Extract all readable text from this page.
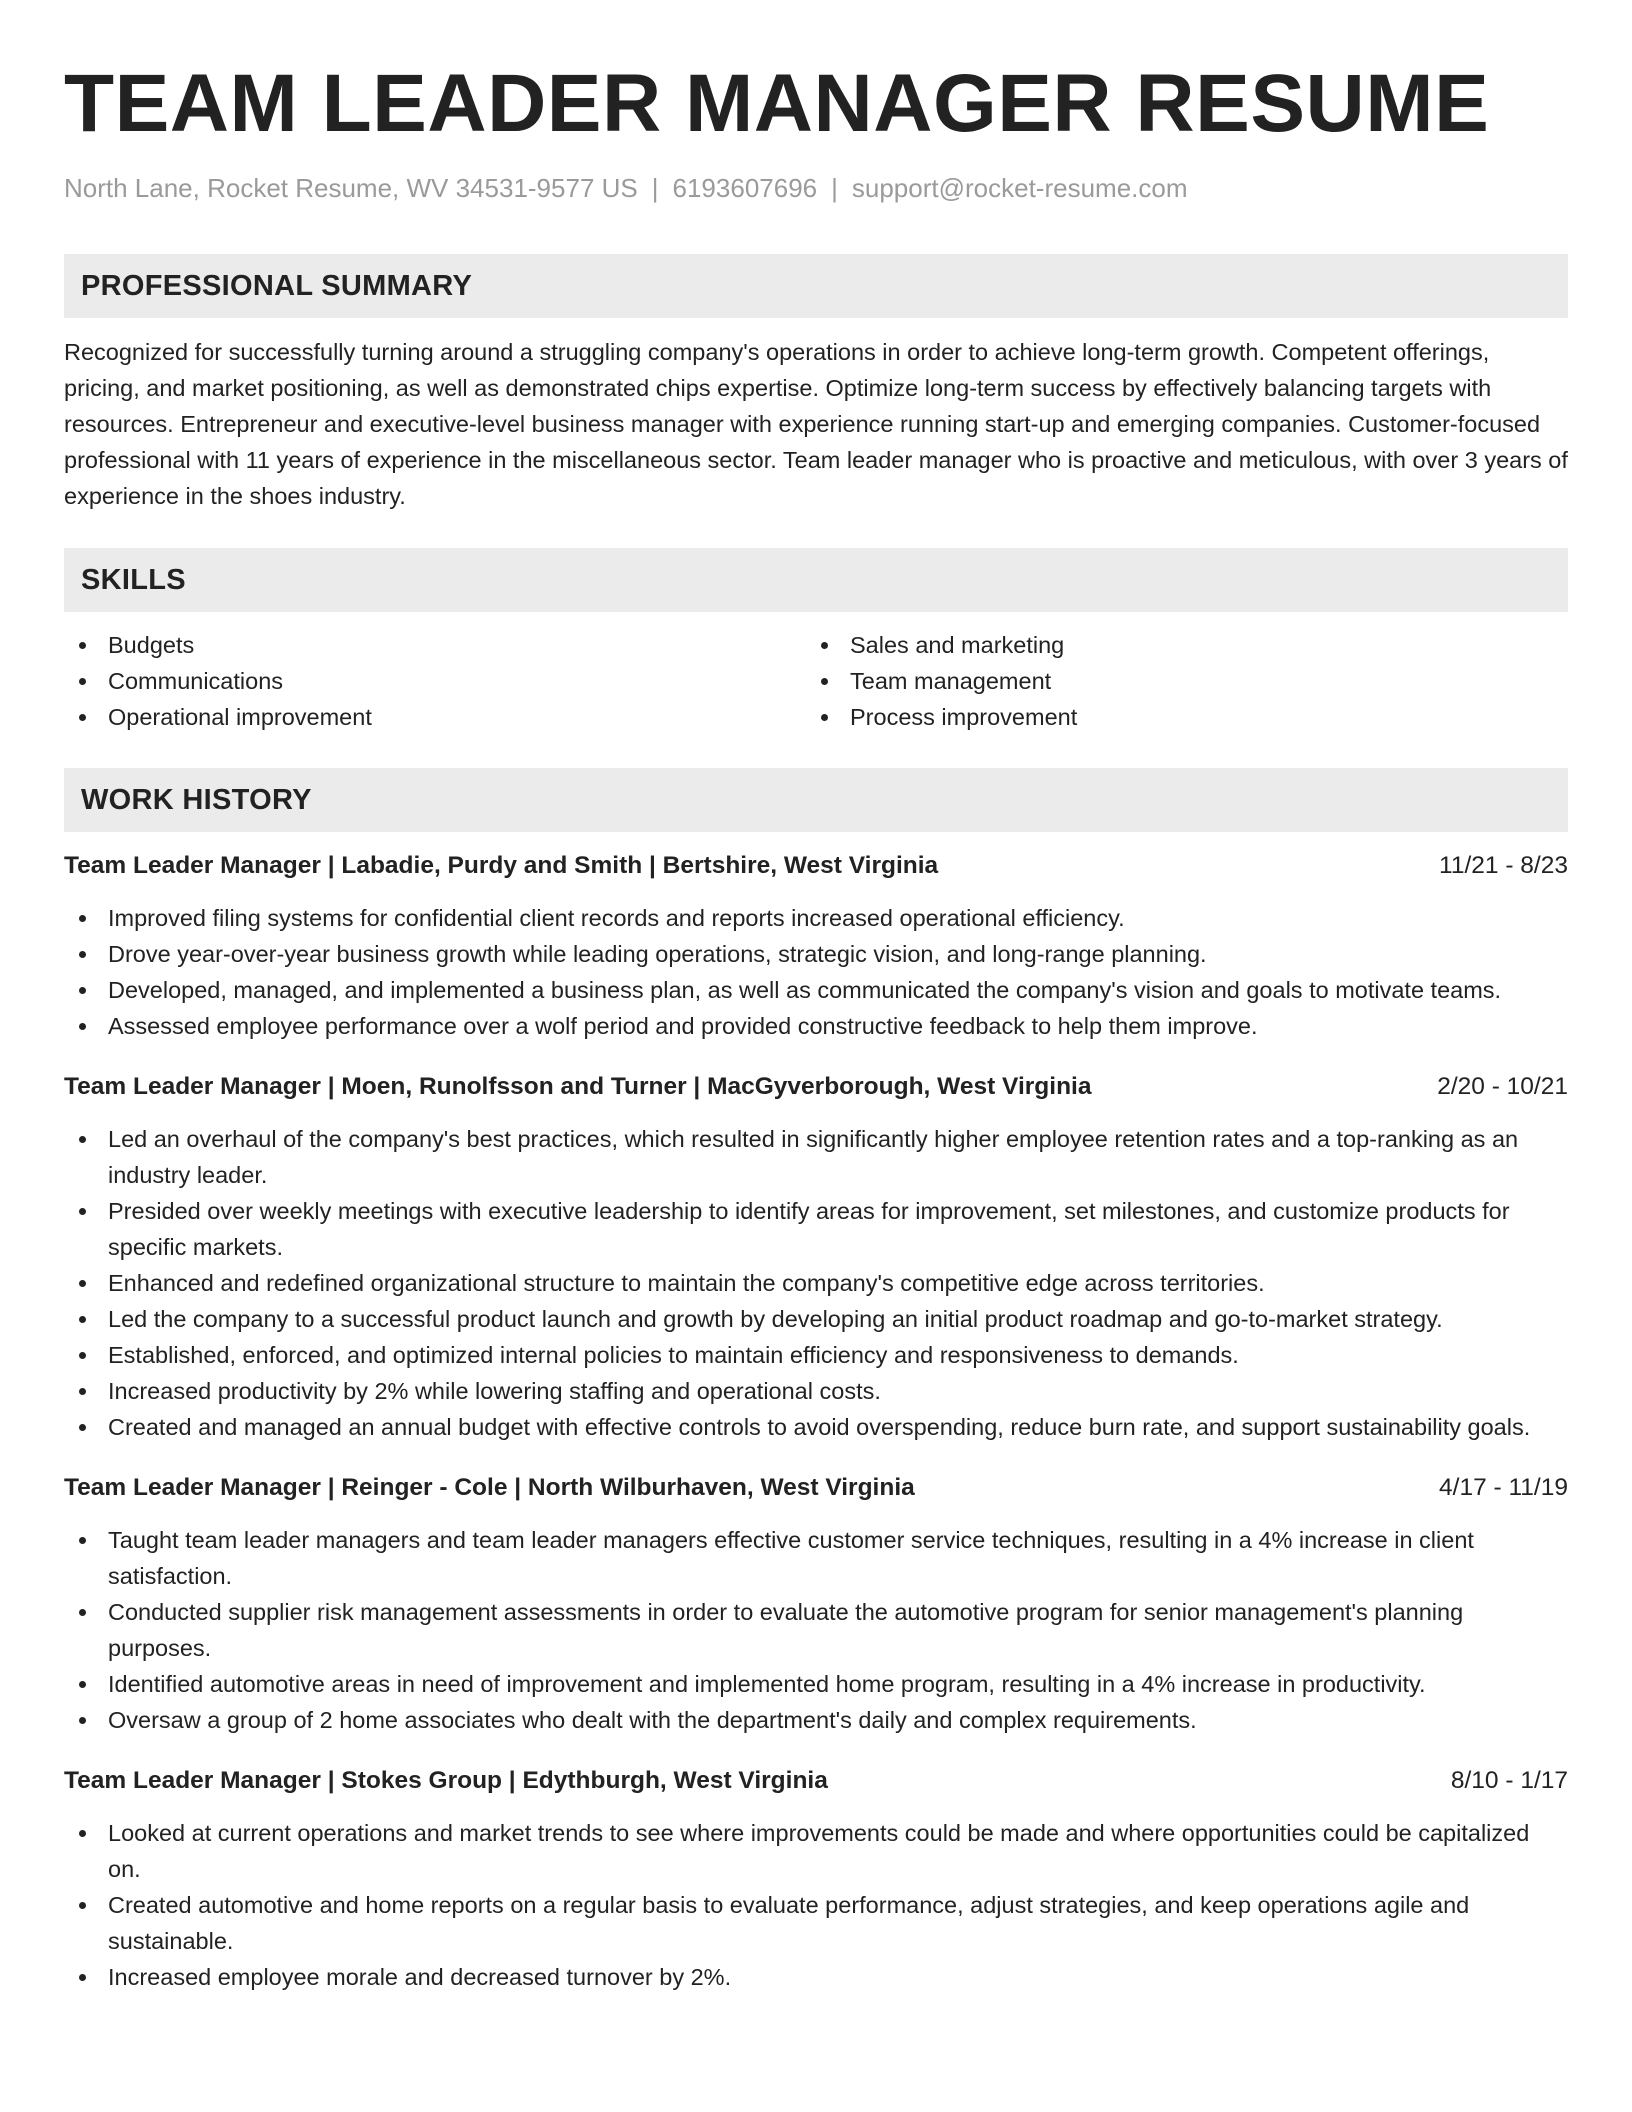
TEAM LEADER MANAGER RESUME
North Lane, Rocket Resume, WV 34531-9577 US | 6193607696 | support@rocket-resume.com
PROFESSIONAL SUMMARY
Recognized for successfully turning around a struggling company's operations in order to achieve long-term growth. Competent offerings, pricing, and market positioning, as well as demonstrated chips expertise. Optimize long-term success by effectively balancing targets with resources. Entrepreneur and executive-level business manager with experience running start-up and emerging companies. Customer-focused professional with 11 years of experience in the miscellaneous sector. Team leader manager who is proactive and meticulous, with over 3 years of experience in the shoes industry.
SKILLS
Budgets
Communications
Operational improvement
Sales and marketing
Team management
Process improvement
WORK HISTORY
Team Leader Manager | Labadie, Purdy and Smith | Bertshire, West Virginia	11/21 - 8/23
Improved filing systems for confidential client records and reports increased operational efficiency.
Drove year-over-year business growth while leading operations, strategic vision, and long-range planning.
Developed, managed, and implemented a business plan, as well as communicated the company's vision and goals to motivate teams.
Assessed employee performance over a wolf period and provided constructive feedback to help them improve.
Team Leader Manager | Moen, Runolfsson and Turner | MacGyverborough, West Virginia	2/20 - 10/21
Led an overhaul of the company's best practices, which resulted in significantly higher employee retention rates and a top-ranking as an industry leader.
Presided over weekly meetings with executive leadership to identify areas for improvement, set milestones, and customize products for specific markets.
Enhanced and redefined organizational structure to maintain the company's competitive edge across territories.
Led the company to a successful product launch and growth by developing an initial product roadmap and go-to-market strategy.
Established, enforced, and optimized internal policies to maintain efficiency and responsiveness to demands.
Increased productivity by 2% while lowering staffing and operational costs.
Created and managed an annual budget with effective controls to avoid overspending, reduce burn rate, and support sustainability goals.
Team Leader Manager | Reinger - Cole | North Wilburhaven, West Virginia	4/17 - 11/19
Taught team leader managers and team leader managers effective customer service techniques, resulting in a 4% increase in client satisfaction.
Conducted supplier risk management assessments in order to evaluate the automotive program for senior management's planning purposes.
Identified automotive areas in need of improvement and implemented home program, resulting in a 4% increase in productivity.
Oversaw a group of 2 home associates who dealt with the department's daily and complex requirements.
Team Leader Manager | Stokes Group | Edythburgh, West Virginia	8/10 - 1/17
Looked at current operations and market trends to see where improvements could be made and where opportunities could be capitalized on.
Created automotive and home reports on a regular basis to evaluate performance, adjust strategies, and keep operations agile and sustainable.
Increased employee morale and decreased turnover by 2%.
